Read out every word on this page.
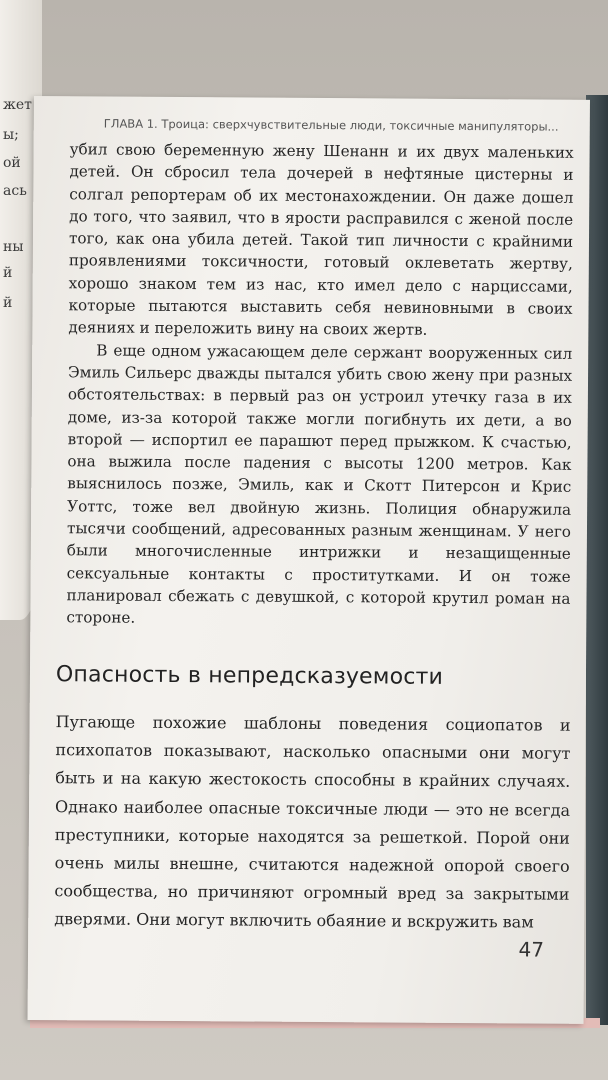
жет
ы;
ой
ась
ны
й
й
ГЛАВА 1. Троица: сверхчувствительные люди, токсичные манипуляторы...

убил свою беременную жену Шенанн и их двух маленьких детей. Он сбросил тела дочерей в нефтяные цистерны и солгал репортерам об их местонахождении. Он даже дошел до того, что заявил, что в ярости расправился с женой после того, как она убила детей. Такой тип личности с крайними проявлениями токсичности, готовый оклеветать жертву, хорошо знаком тем из нас, кто имел дело с нарциссами, которые пытаются выставить себя невиновными в своих деяниях и переложить вину на своих жертв.

В еще одном ужасающем деле сержант вооруженных сил Эмиль Сильерс дважды пытался убить свою жену при разных обстоятельствах: в первый раз он устроил утечку газа в их доме, из-за которой также могли погибнуть их дети, а во второй — испортил ее парашют перед прыжком. К счастью, она выжила после падения с высоты 1200 метров. Как выяснилось позже, Эмиль, как и Скотт Питерсон и Крис Уоттс, тоже вел двойную жизнь. Полиция обнаружила тысячи сообщений, адресованных разным женщинам. У него были многочисленные интрижки и незащищенные сексуальные контакты с проститутками. И он тоже планировал сбежать с девушкой, с которой крутил роман на стороне.

Опасность в непредсказуемости

Пугающе похожие шаблоны поведения социопатов и психопатов показывают, насколько опасными они могут быть и на какую жестокость способны в крайних случаях. Однако наиболее опасные токсичные люди — это не всегда преступники, которые находятся за решеткой. Порой они очень милы внешне, считаются надежной опорой своего сообщества, но причиняют огромный вред за закрытыми дверями. Они могут включить обаяние и вскружить вам

47
